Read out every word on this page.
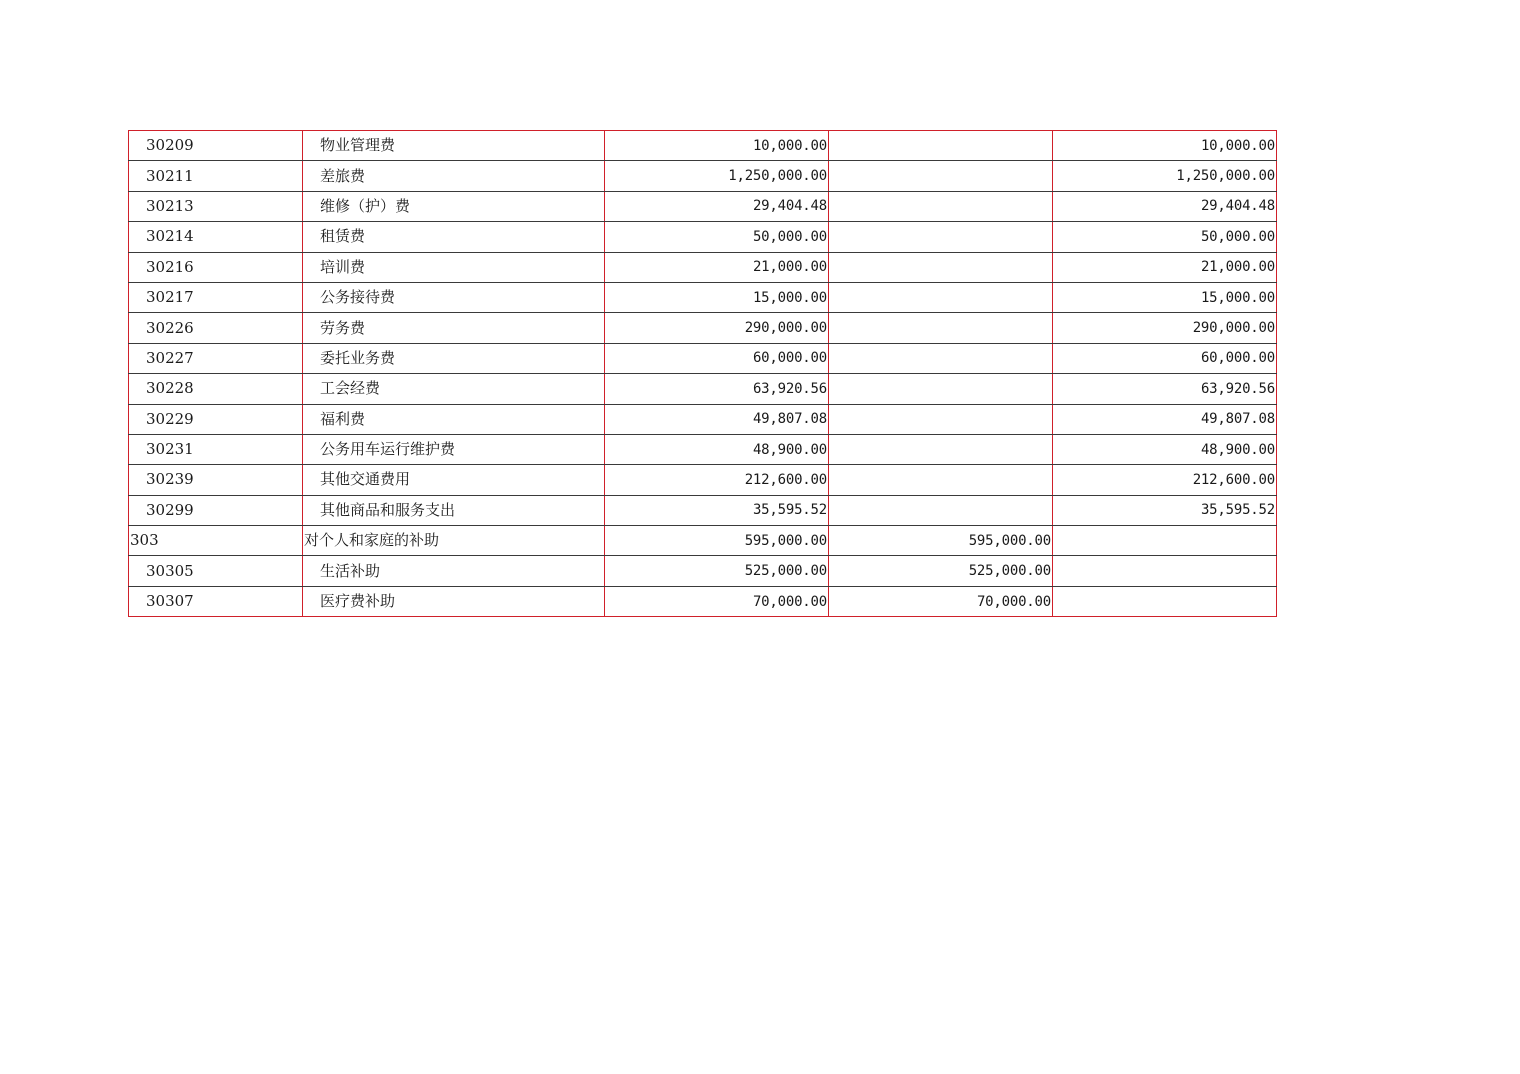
30209	物业管理费	10,000.00		10,000.00
30211	差旅费	1,250,000.00		1,250,000.00
30213	维修（护）费	29,404.48		29,404.48
30214	租赁费	50,000.00		50,000.00
30216	培训费	21,000.00		21,000.00
30217	公务接待费	15,000.00		15,000.00
30226	劳务费	290,000.00		290,000.00
30227	委托业务费	60,000.00		60,000.00
30228	工会经费	63,920.56		63,920.56
30229	福利费	49,807.08		49,807.08
30231	公务用车运行维护费	48,900.00		48,900.00
30239	其他交通费用	212,600.00		212,600.00
30299	其他商品和服务支出	35,595.52		35,595.52
303	对个人和家庭的补助	595,000.00	595,000.00	
30305	生活补助	525,000.00	525,000.00	
30307	医疗费补助	70,000.00	70,000.00	
